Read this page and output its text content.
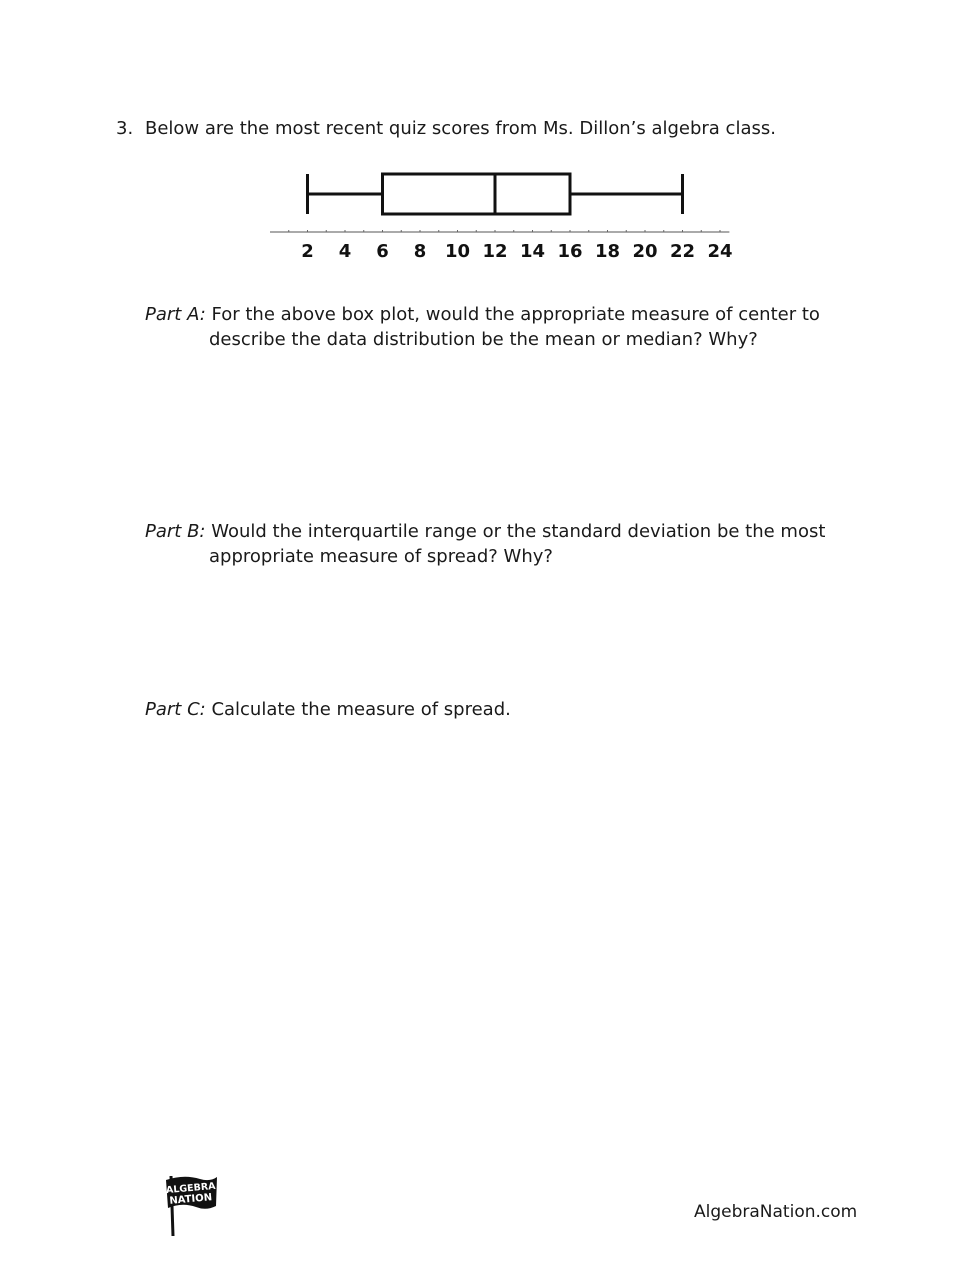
3. Below are the most recent quiz scores from Ms. Dillon’s algebra class.
2 4 6 8 10 12 14 16 18 20 22 24
Part A: For the above box plot, would the appropriate measure of center to
describe the data distribution be the mean or median? Why?
Part B: Would the interquartile range or the standard deviation be the most
appropriate measure of spread? Why?
Part C: Calculate the measure of spread.
ALGEBRA
NATION
AlgebraNation.com
